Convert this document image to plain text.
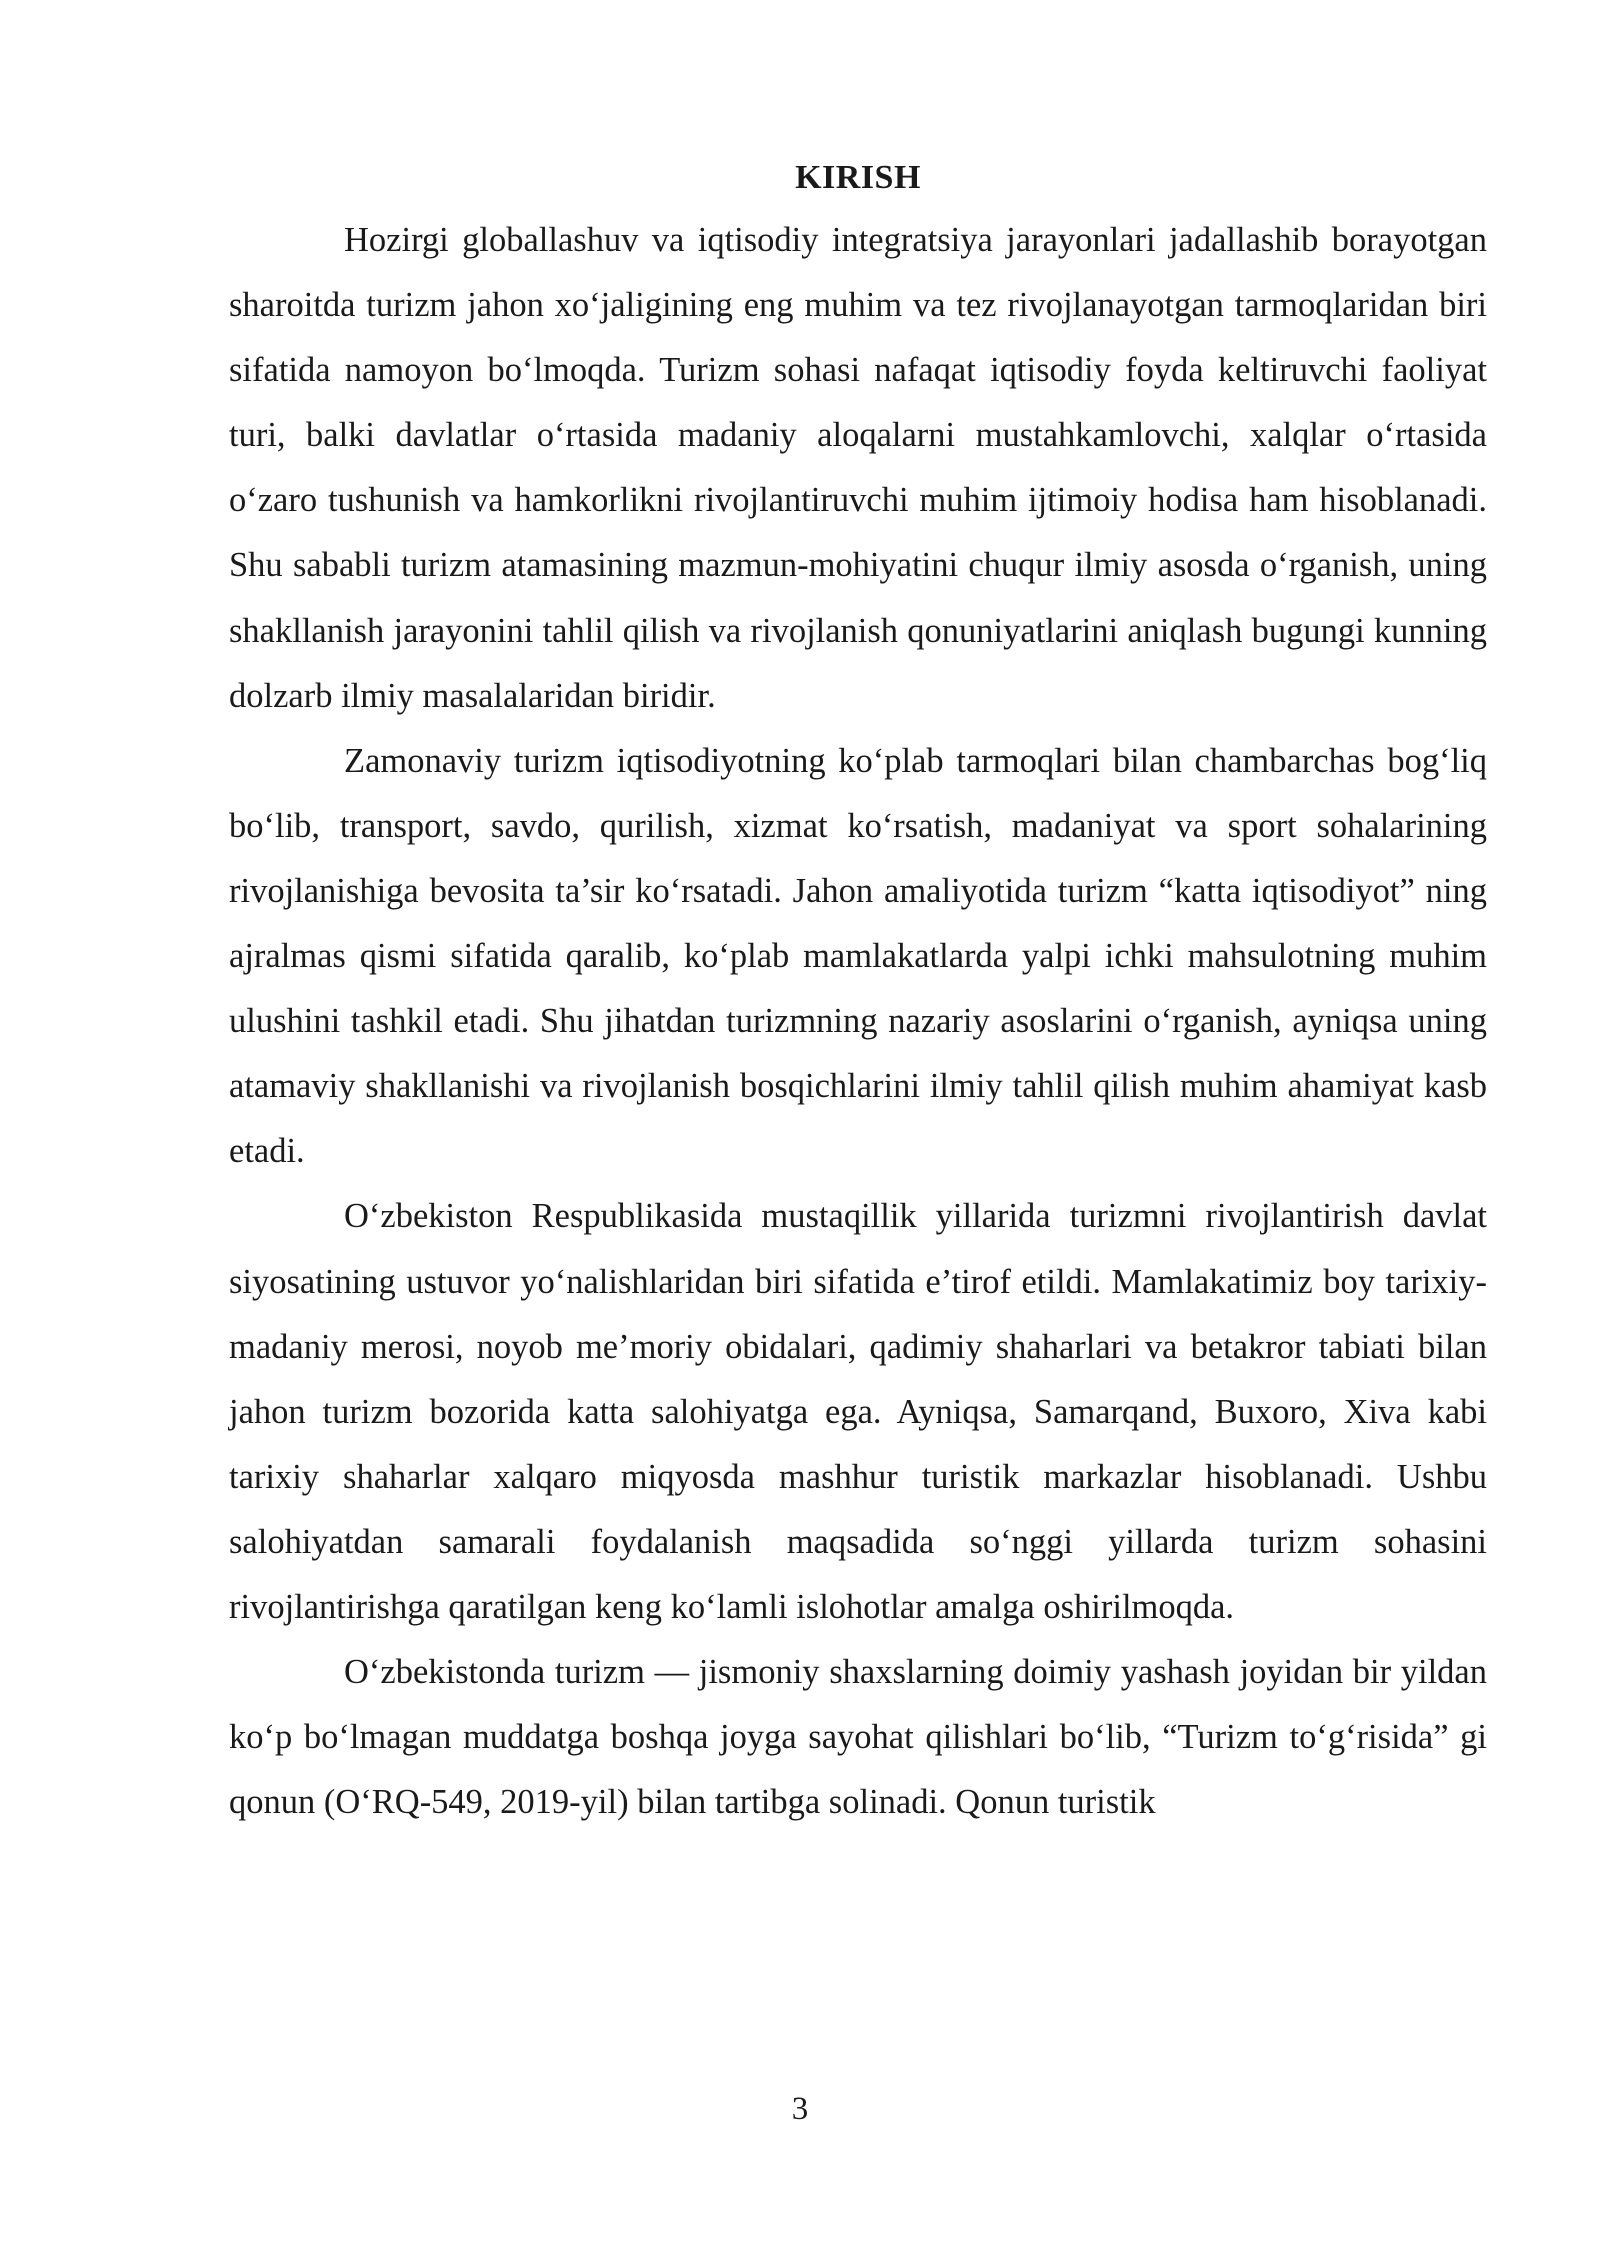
KIRISH

Hozirgi globallashuv va iqtisodiy integratsiya jarayonlari jadallashib borayotgan sharoitda turizm jahon xo‘jaligining eng muhim va tez rivojlanayotgan tarmoqlaridan biri sifatida namoyon bo‘lmoqda. Turizm sohasi nafaqat iqtisodiy foyda keltiruvchi faoliyat turi, balki davlatlar o‘rtasida madaniy aloqalarni mustahkamlovchi, xalqlar o‘rtasida o‘zaro tushunish va hamkorlikni rivojlantiruvchi muhim ijtimoiy hodisa ham hisoblanadi. Shu sababli turizm atamasining mazmun-mohiyatini chuqur ilmiy asosda o‘rganish, uning shakllanish jarayonini tahlil qilish va rivojlanish qonuniyatlarini aniqlash bugungi kunning dolzarb ilmiy masalalaridan biridir.

Zamonaviy turizm iqtisodiyotning ko‘plab tarmoqlari bilan chambarchas bog‘liq bo‘lib, transport, savdo, qurilish, xizmat ko‘rsatish, madaniyat va sport sohalarining rivojlanishiga bevosita ta’sir ko‘rsatadi. Jahon amaliyotida turizm “katta iqtisodiyot” ning ajralmas qismi sifatida qaralib, ko‘plab mamlakatlarda yalpi ichki mahsulotning muhim ulushini tashkil etadi. Shu jihatdan turizmning nazariy asoslarini o‘rganish, ayniqsa uning atamaviy shakllanishi va rivojlanish bosqichlarini ilmiy tahlil qilish muhim ahamiyat kasb etadi.

O‘zbekiston Respublikasida mustaqillik yillarida turizmni rivojlantirish davlat siyosatining ustuvor yo‘nalishlaridan biri sifatida e’tirof etildi. Mamlakatimiz boy tarixiy-madaniy merosi, noyob me’moriy obidalari, qadimiy shaharlari va betakror tabiati bilan jahon turizm bozorida katta salohiyatga ega. Ayniqsa, Samarqand, Buxoro, Xiva kabi tarixiy shaharlar xalqaro miqyosda mashhur turistik markazlar hisoblanadi. Ushbu salohiyatdan samarali foydalanish maqsadida so‘nggi yillarda turizm sohasini rivojlantirishga qaratilgan keng ko‘lamli islohotlar amalga oshirilmoqda.

O‘zbekistonda turizm — jismoniy shaxslarning doimiy yashash joyidan bir yildan ko‘p bo‘lmagan muddatga boshqa joyga sayohat qilishlari bo‘lib, “Turizm to‘g‘risida” gi qonun (O‘RQ-549, 2019-yil) bilan tartibga solinadi. Qonun turistik

3
